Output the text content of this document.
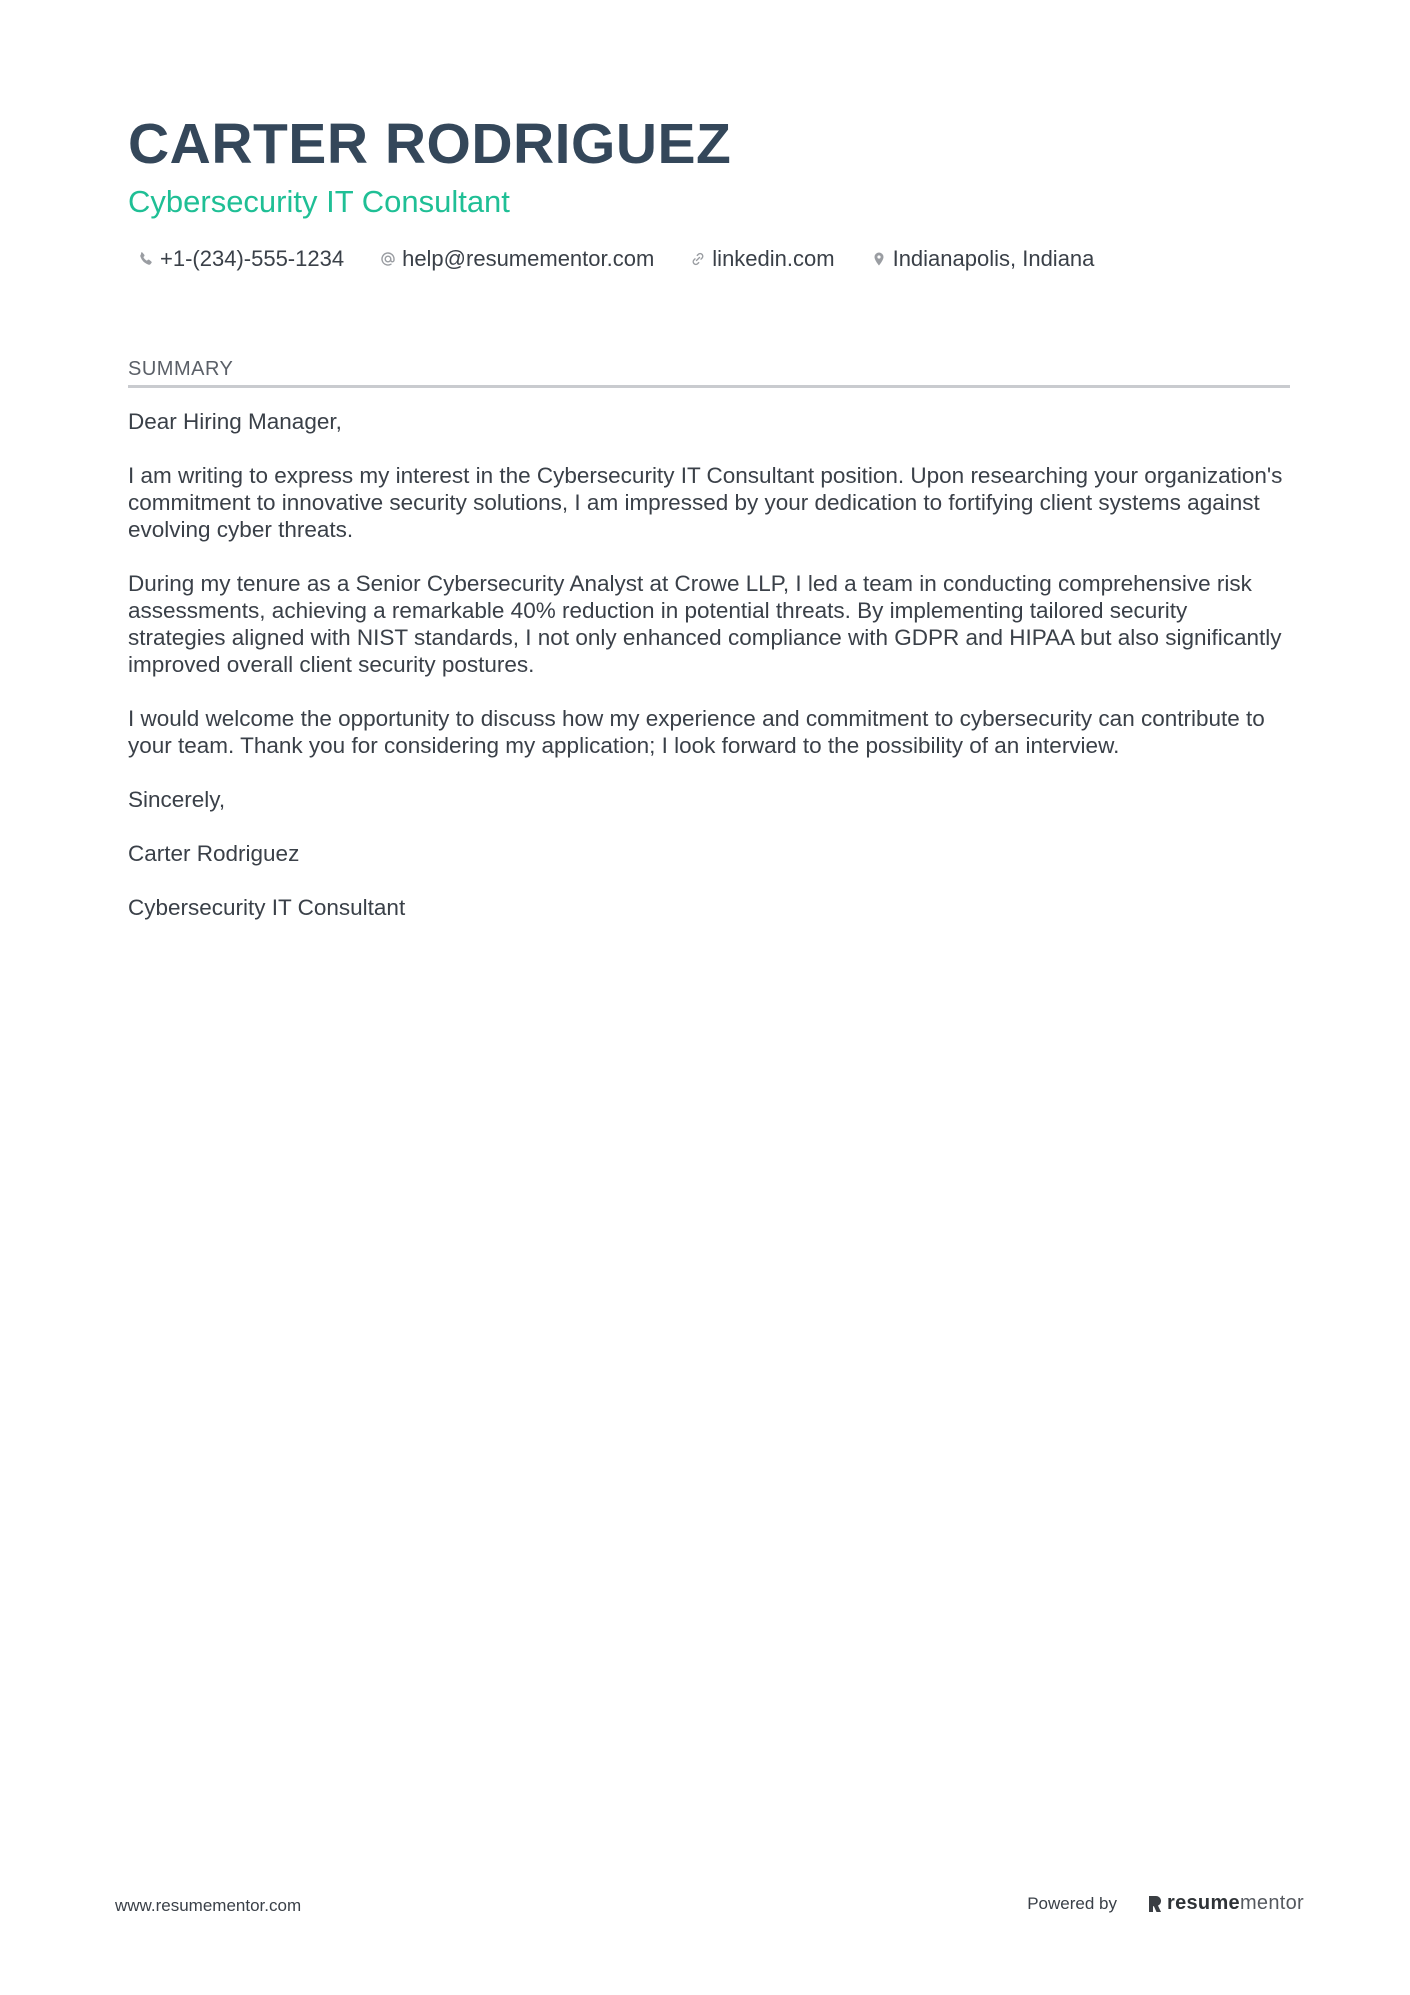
CARTER RODRIGUEZ
Cybersecurity IT Consultant
+1-(234)-555-1234	help@resumementor.com	linkedin.com	Indianapolis, Indiana
SUMMARY

Dear Hiring Manager,

I am writing to express my interest in the Cybersecurity IT Consultant position. Upon researching your organization's commitment to innovative security solutions, I am impressed by your dedication to fortifying client systems against evolving cyber threats.

During my tenure as a Senior Cybersecurity Analyst at Crowe LLP, I led a team in conducting comprehensive risk assessments, achieving a remarkable 40% reduction in potential threats. By implementing tailored security strategies aligned with NIST standards, I not only enhanced compliance with GDPR and HIPAA but also significantly improved overall client security postures.

I would welcome the opportunity to discuss how my experience and commitment to cybersecurity can contribute to your team. Thank you for considering my application; I look forward to the possibility of an interview.

Sincerely,

Carter Rodriguez

Cybersecurity IT Consultant

www.resumementor.com	Powered by	resume mentor
